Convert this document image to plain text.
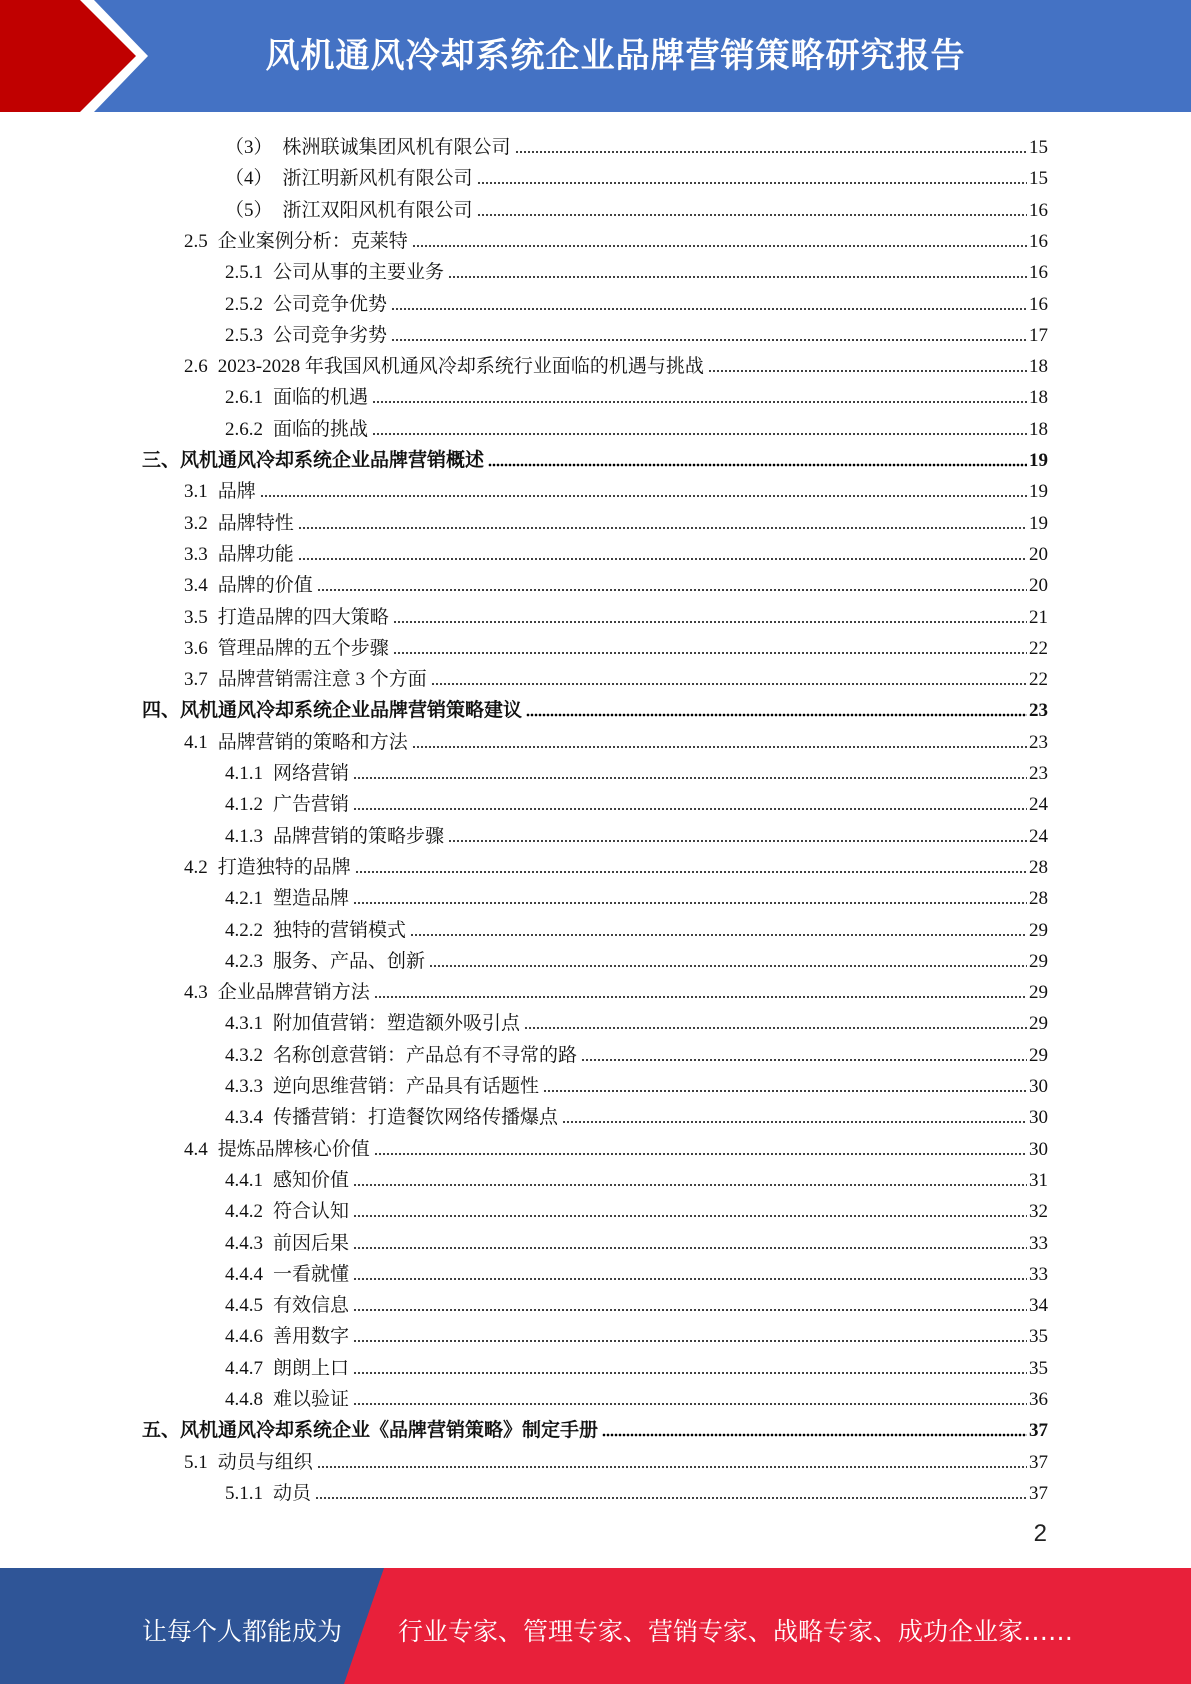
风机通风冷却系统企业品牌营销策略研究报告
（3） 株洲联诚集团风机有限公司	15
（4） 浙江明新风机有限公司	15
（5） 浙江双阳风机有限公司	16
2.5 企业案例分析：克莱特	16
2.5.1 公司从事的主要业务	16
2.5.2 公司竞争优势	16
2.5.3 公司竞争劣势	17
2.6 2023-2028 年我国风机通风冷却系统行业面临的机遇与挑战	18
2.6.1 面临的机遇	18
2.6.2 面临的挑战	18
三、风机通风冷却系统企业品牌营销概述	19
3.1 品牌	19
3.2 品牌特性	19
3.3 品牌功能	20
3.4 品牌的价值	20
3.5 打造品牌的四大策略	21
3.6 管理品牌的五个步骤	22
3.7 品牌营销需注意 3 个方面	22
四、风机通风冷却系统企业品牌营销策略建议	23
4.1 品牌营销的策略和方法	23
4.1.1 网络营销	23
4.1.2 广告营销	24
4.1.3 品牌营销的策略步骤	24
4.2 打造独特的品牌	28
4.2.1 塑造品牌	28
4.2.2 独特的营销模式	29
4.2.3 服务、产品、创新	29
4.3 企业品牌营销方法	29
4.3.1 附加值营销：塑造额外吸引点	29
4.3.2 名称创意营销：产品总有不寻常的路	29
4.3.3 逆向思维营销：产品具有话题性	30
4.3.4 传播营销：打造餐饮网络传播爆点	30
4.4 提炼品牌核心价值	30
4.4.1 感知价值	31
4.4.2 符合认知	32
4.4.3 前因后果	33
4.4.4 一看就懂	33
4.4.5 有效信息	34
4.4.6 善用数字	35
4.4.7 朗朗上口	35
4.4.8 难以验证	36
五、风机通风冷却系统企业《品牌营销策略》制定手册	37
5.1 动员与组织	37
5.1.1 动员	37
2
让每个人都能成为 行业专家、管理专家、营销专家、战略专家、成功企业家……
